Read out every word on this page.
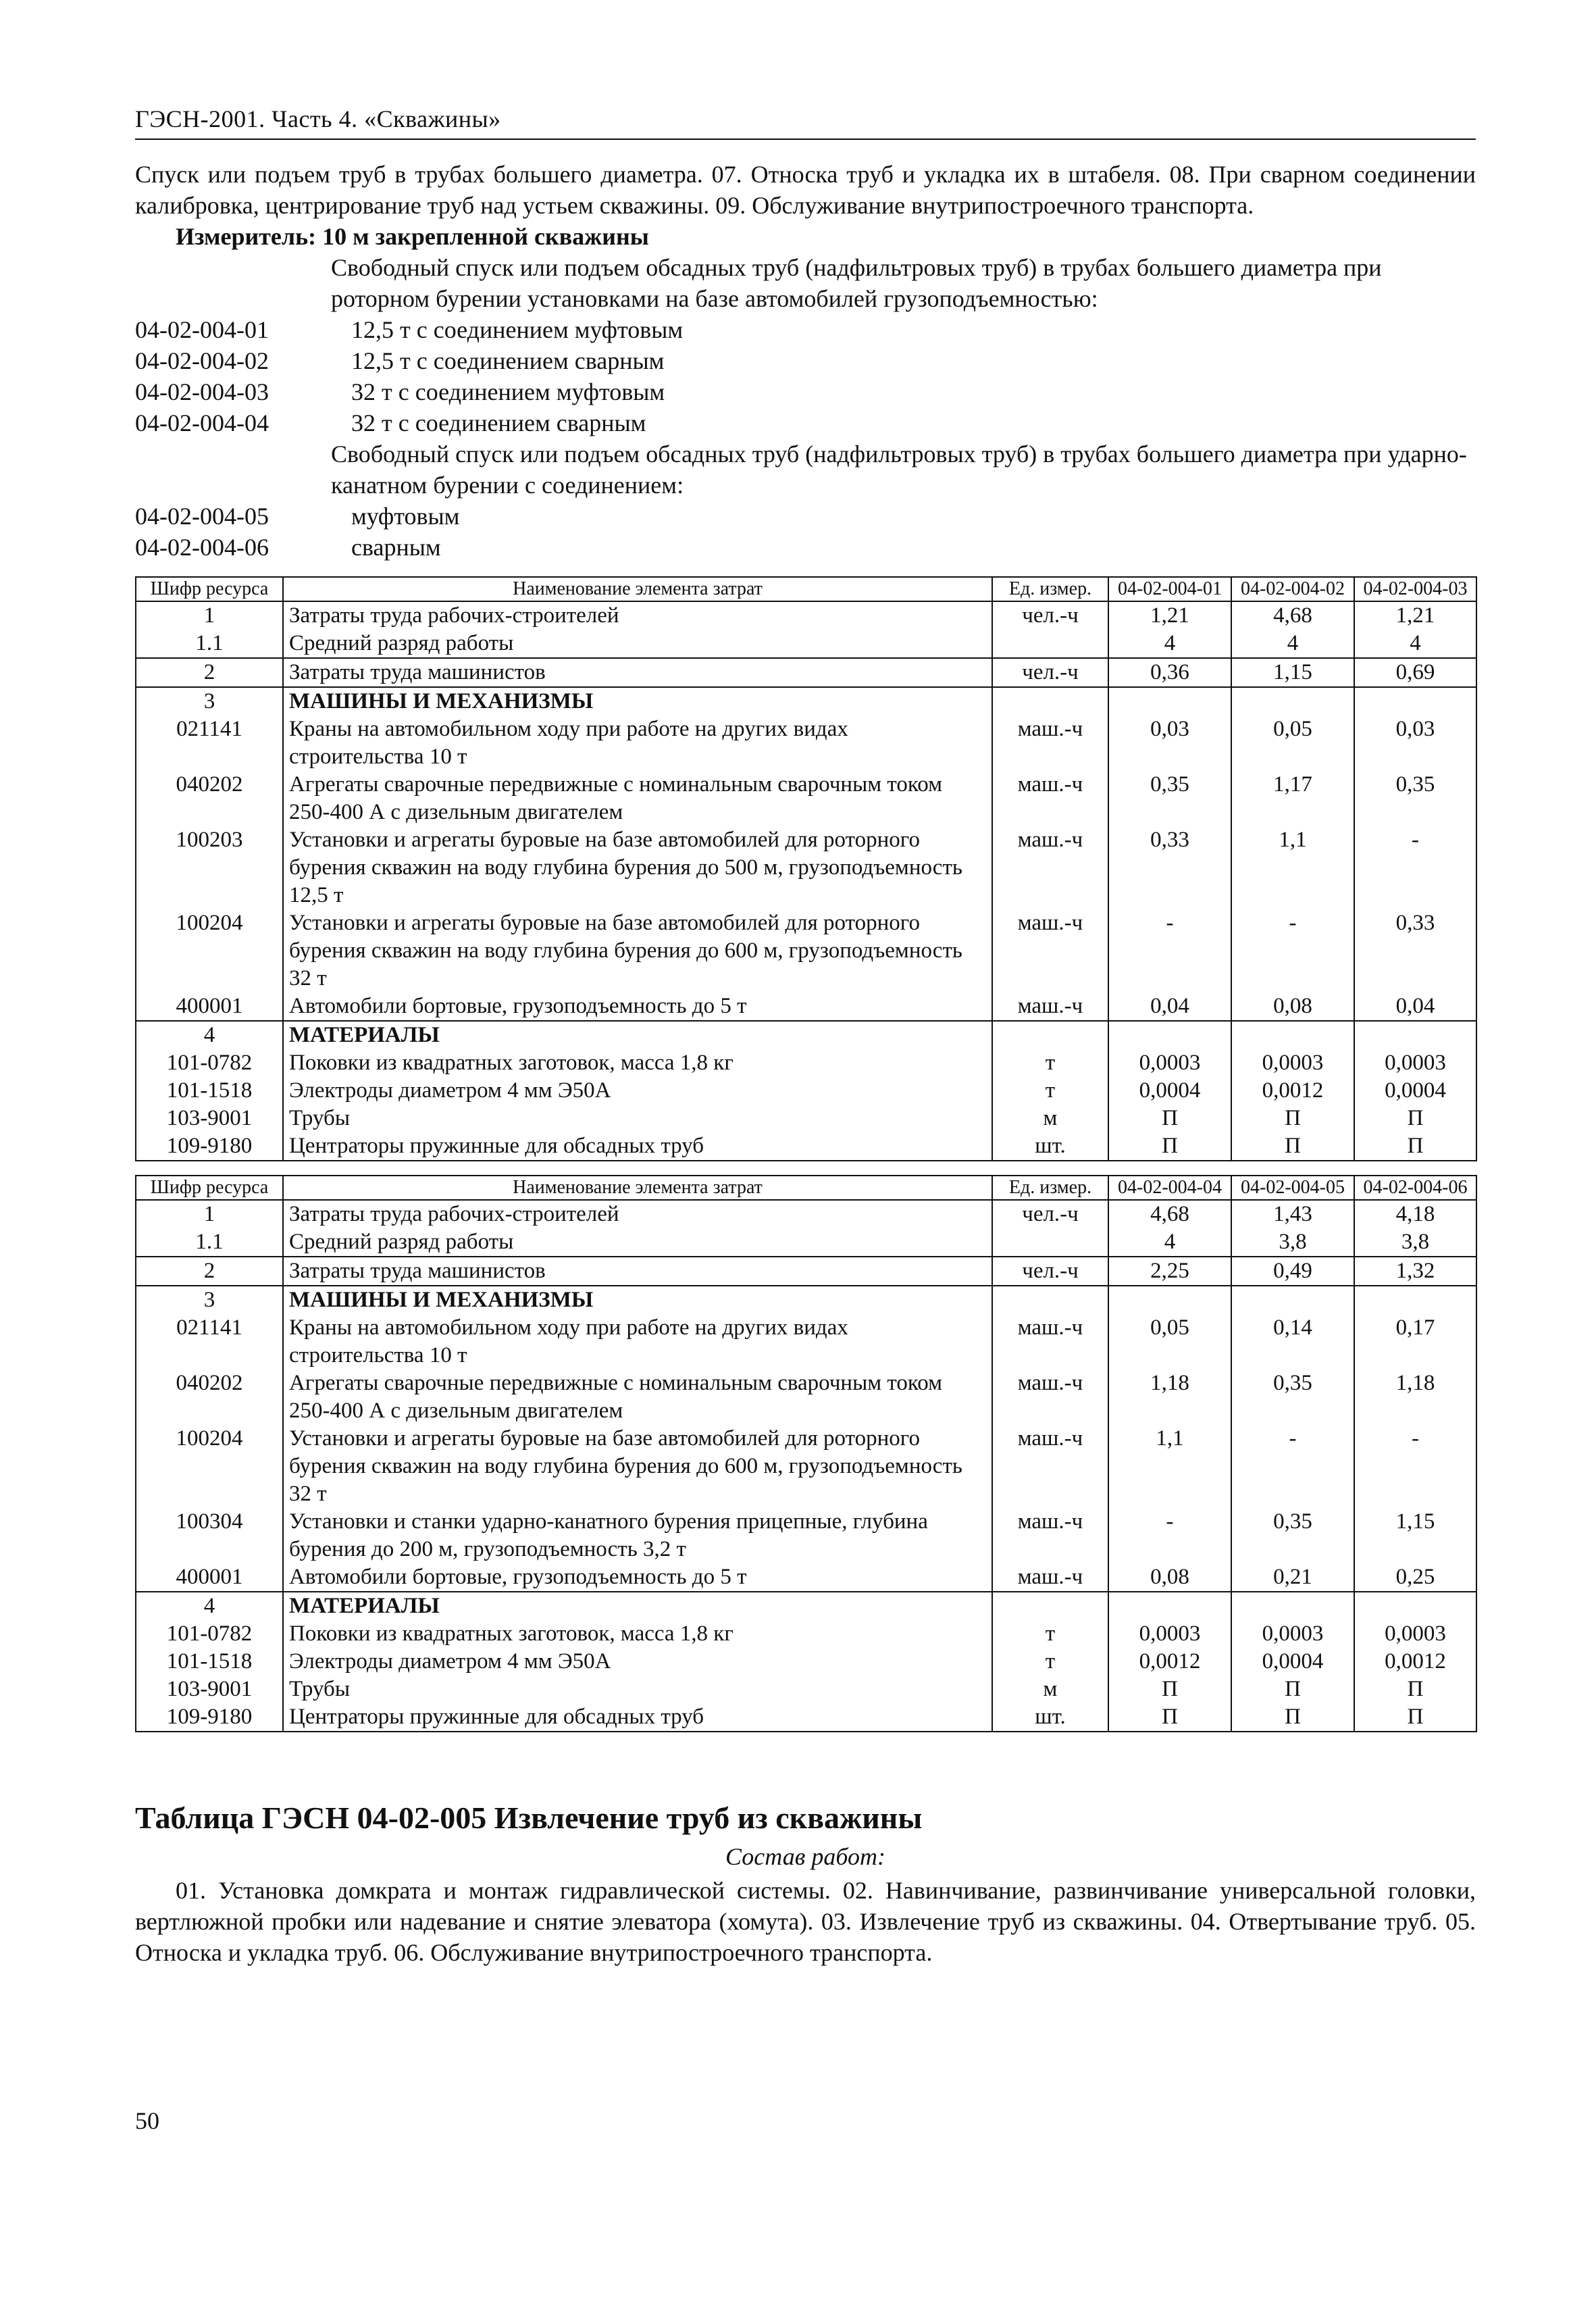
ГЭСН-2001. Часть 4. «Скважины»

Спуск или подъем труб в трубах большего диаметра. 07. Относка труб и укладка их в штабеля. 08. При сварном соединении калибровка, центрирование труб над устьем скважины. 09. Обслуживание внутрипостроечного транспорта.

Измеритель: 10 м закрепленной скважины

Свободный спуск или подъем обсадных труб (надфильтровых труб) в трубах большего диаметра при роторном бурении установками на базе автомобилей грузоподъемностью:
04-02-004-01	12,5 т с соединением муфтовым
04-02-004-02	12,5 т с соединением сварным
04-02-004-03	32 т с соединением муфтовым
04-02-004-04	32 т с соединением сварным
Свободный спуск или подъем обсадных труб (надфильтровых труб) в трубах большего диаметра при ударно-канатном бурении с соединением:
04-02-004-05	муфтовым
04-02-004-06	сварным
Шифр ресурса	Наименование элемента затрат	Ед. измер.	04-02-004-01	04-02-004-02	04-02-004-03
1	Затраты труда рабочих-строителей	чел.-ч	1,21	4,68	1,21
1.1	Средний разряд работы		4	4	4
2	Затраты труда машинистов	чел.-ч	0,36	1,15	0,69
3	МАШИНЫ И МЕХАНИЗМЫ				
021141	Краны на автомобильном ходу при работе на других видах строительства 10 т	маш.-ч	0,03	0,05	0,03
040202	Агрегаты сварочные передвижные с номинальным сварочным током 250-400 А с дизельным двигателем	маш.-ч	0,35	1,17	0,35
100203	Установки и агрегаты буровые на базе автомобилей для роторного бурения скважин на воду глубина бурения до 500 м, грузоподъемность 12,5 т	маш.-ч	0,33	1,1	-
100204	Установки и агрегаты буровые на базе автомобилей для роторного бурения скважин на воду глубина бурения до 600 м, грузоподъемность 32 т	маш.-ч	-	-	0,33
400001	Автомобили бортовые, грузоподъемность до 5 т	маш.-ч	0,04	0,08	0,04
4	МАТЕРИАЛЫ				
101-0782	Поковки из квадратных заготовок, масса 1,8 кг	т	0,0003	0,0003	0,0003
101-1518	Электроды диаметром 4 мм Э50А	т	0,0004	0,0012	0,0004
103-9001	Трубы	м	П	П	П
109-9180	Центраторы пружинные для обсадных труб	шт.	П	П	П
Шифр ресурса	Наименование элемента затрат	Ед. измер.	04-02-004-04	04-02-004-05	04-02-004-06
1	Затраты труда рабочих-строителей	чел.-ч	4,68	1,43	4,18
1.1	Средний разряд работы		4	3,8	3,8
2	Затраты труда машинистов	чел.-ч	2,25	0,49	1,32
3	МАШИНЫ И МЕХАНИЗМЫ				
021141	Краны на автомобильном ходу при работе на других видах строительства 10 т	маш.-ч	0,05	0,14	0,17
040202	Агрегаты сварочные передвижные с номинальным сварочным током 250-400 А с дизельным двигателем	маш.-ч	1,18	0,35	1,18
100204	Установки и агрегаты буровые на базе автомобилей для роторного бурения скважин на воду глубина бурения до 600 м, грузоподъемность 32 т	маш.-ч	1,1	-	-
100304	Установки и станки ударно-канатного бурения прицепные, глубина бурения до 200 м, грузоподъемность 3,2 т	маш.-ч	-	0,35	1,15
400001	Автомобили бортовые, грузоподъемность до 5 т	маш.-ч	0,08	0,21	0,25
4	МАТЕРИАЛЫ				
101-0782	Поковки из квадратных заготовок, масса 1,8 кг	т	0,0003	0,0003	0,0003
101-1518	Электроды диаметром 4 мм Э50А	т	0,0012	0,0004	0,0012
103-9001	Трубы	м	П	П	П
109-9180	Центраторы пружинные для обсадных труб	шт.	П	П	П
Таблица ГЭСН 04-02-005 Извлечение труб из скважины
Состав работ:

01. Установка домкрата и монтаж гидравлической системы. 02. Навинчивание, развинчивание универсальной головки, вертлюжной пробки или надевание и снятие элеватора (хомута). 03. Извлечение труб из скважины. 04. Отвертывание труб. 05. Относка и укладка труб. 06. Обслуживание внутрипостроечного транспорта.

50
